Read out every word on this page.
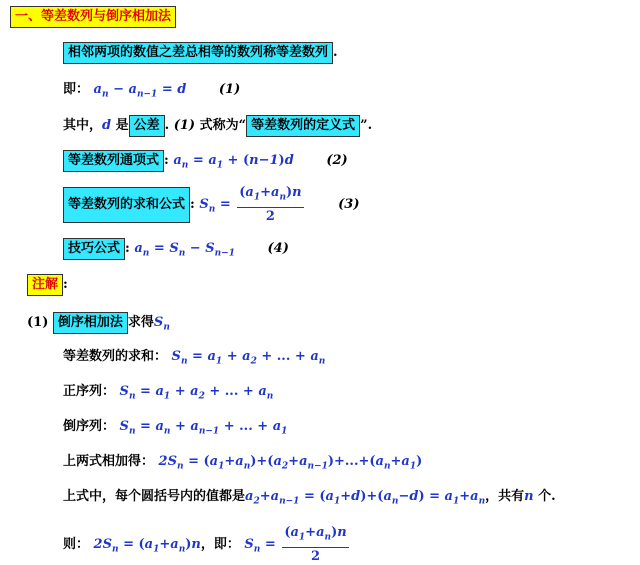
一、等差数列与倒序相加法
相邻两项的数值之差总相等的数列称等差数列 .
即： $a_n - a_{n-1} = d$	(1)
其中，d 是 公差 . (1) 式称为“ 等差数列的定义式 ”.
等差数列通项式 : $a_n = a_1 + (n-1)d$	(2)
等差数列的求和公式 : $S_n = \frac{(a_1+a_n)n}{2}$	(3)
技巧公式 : $a_n = S_n - S_{n-1}$	(4)
注解 :
(1) 倒序相加法 求得$S_n$
等差数列的求和： $S_n = a_1 + a_2$ + ... + $a_n$
正序列： $S_n = a_1 + a_2$ + ... + $a_n$
倒序列： $S_n = a_n + a_{n-1}$ + ... + $a_1$
上两式相加得： $2S_n = (a_1+a_n)+(a_2+a_{n-1})+...+(a_n+a_1)$
上式中，每个圆括号内的值都是$a_2+a_{n-1} = (a_1+d)+(a_n-d) = a_1+a_n$，共有n 个.
则： $2S_n = (a_1+a_n)n$，即： $S_n = \frac{(a_1+a_n)n}{2}$
